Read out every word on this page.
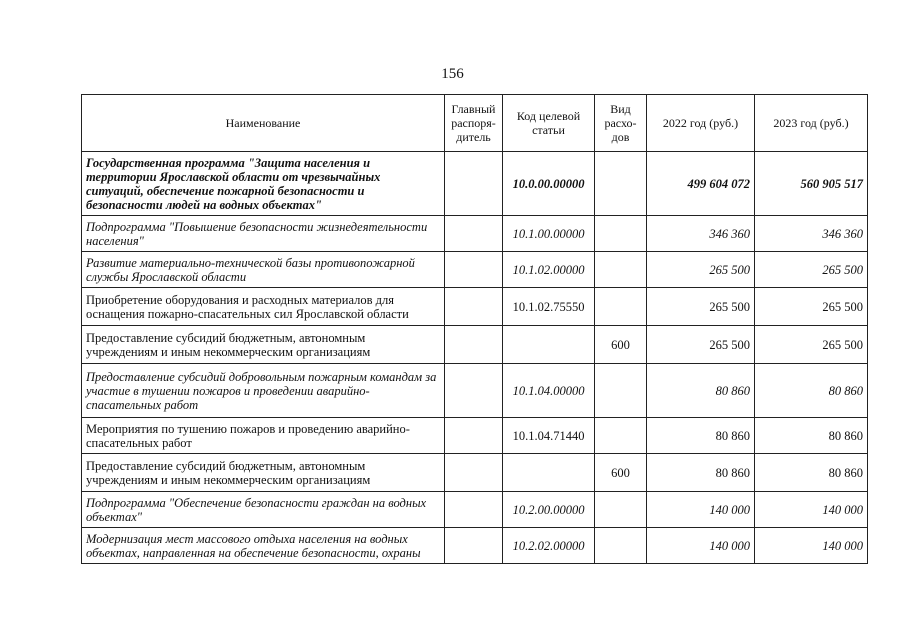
156
Наименование	Главный распоря-дитель	Код целевой статьи	Вид расхо-дов	2022 год (руб.)	2023 год (руб.)
Государственная программа "Защита населения и территории Ярославской области от чрезвычайных ситуаций, обеспечение пожарной безопасности и безопасности людей на водных объектах"		10.0.00.00000		499 604 072	560 905 517
Подпрограмма "Повышение безопасности жизнедеятельности населения"		10.1.00.00000		346 360	346 360
Развитие материально-технической базы противопожарной службы Ярославской области		10.1.02.00000		265 500	265 500
Приобретение оборудования и расходных материалов для оснащения пожарно-спасательных сил Ярославской области		10.1.02.75550		265 500	265 500
Предоставление субсидий бюджетным, автономным учреждениям и иным некоммерческим организациям			600	265 500	265 500
Предоставление субсидий добровольным пожарным командам за участие в тушении пожаров и проведении аварийно-спасательных работ		10.1.04.00000		80 860	80 860
Мероприятия по тушению пожаров и проведению аварийно-спасательных работ		10.1.04.71440		80 860	80 860
Предоставление субсидий бюджетным, автономным учреждениям и иным некоммерческим организациям			600	80 860	80 860
Подпрограмма "Обеспечение безопасности граждан на водных объектах"		10.2.00.00000		140 000	140 000
Модернизация мест массового отдыха населения на водных объектах, направленная на обеспечение безопасности, охраны		10.2.02.00000		140 000	140 000
